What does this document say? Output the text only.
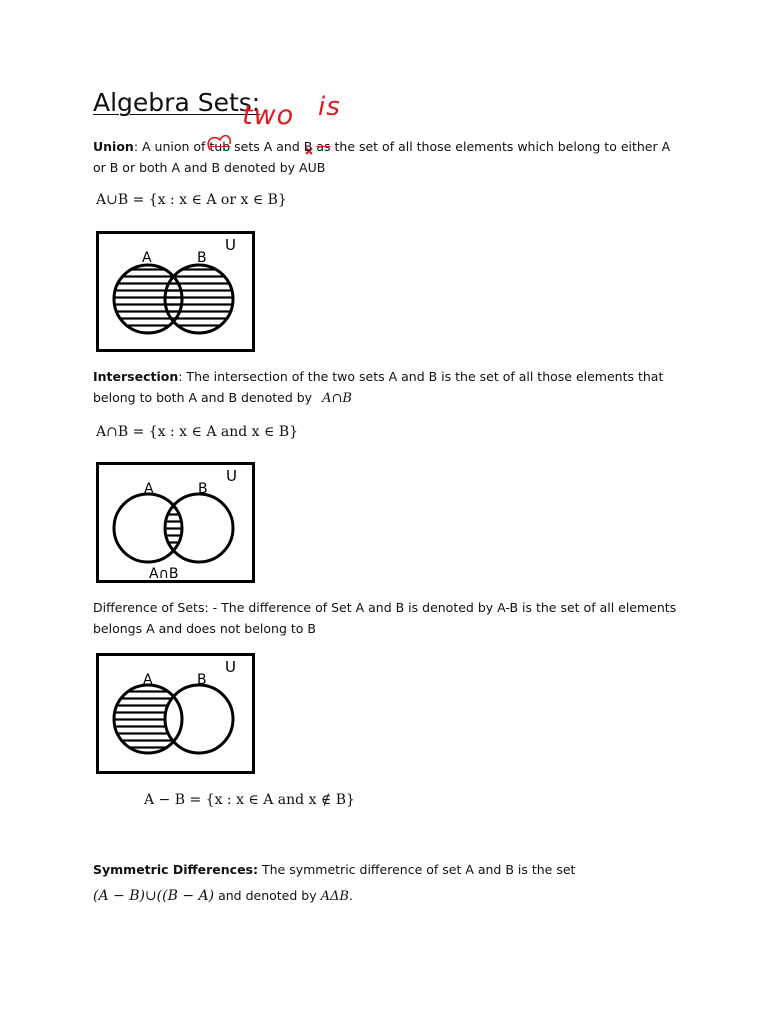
Algebra Sets:
two is
Union: A union of tub sets A and B as the set of all those elements which belong to either A
or B or both A and B denoted by AUB
A∪B = {x : x ∈ A or x ∈ B}
A	B
U
Intersection: The intersection of the two sets A and B is the set of all those elements that
belong to both A and B denoted by A∩B
A∩B = {x : x ∈ A and x ∈ B}
A	B
U
A∩B
Difference of Sets: - The difference of Set A and B is denoted by A-B is the set of all elements
belongs A and does not belong to B
A	B
U
A − B = {x : x ∈ A and x ∉ B}
Symmetric Differences: The symmetric difference of set A and B is the set
(A − B)∪((B − A) and denoted by AΔB.
